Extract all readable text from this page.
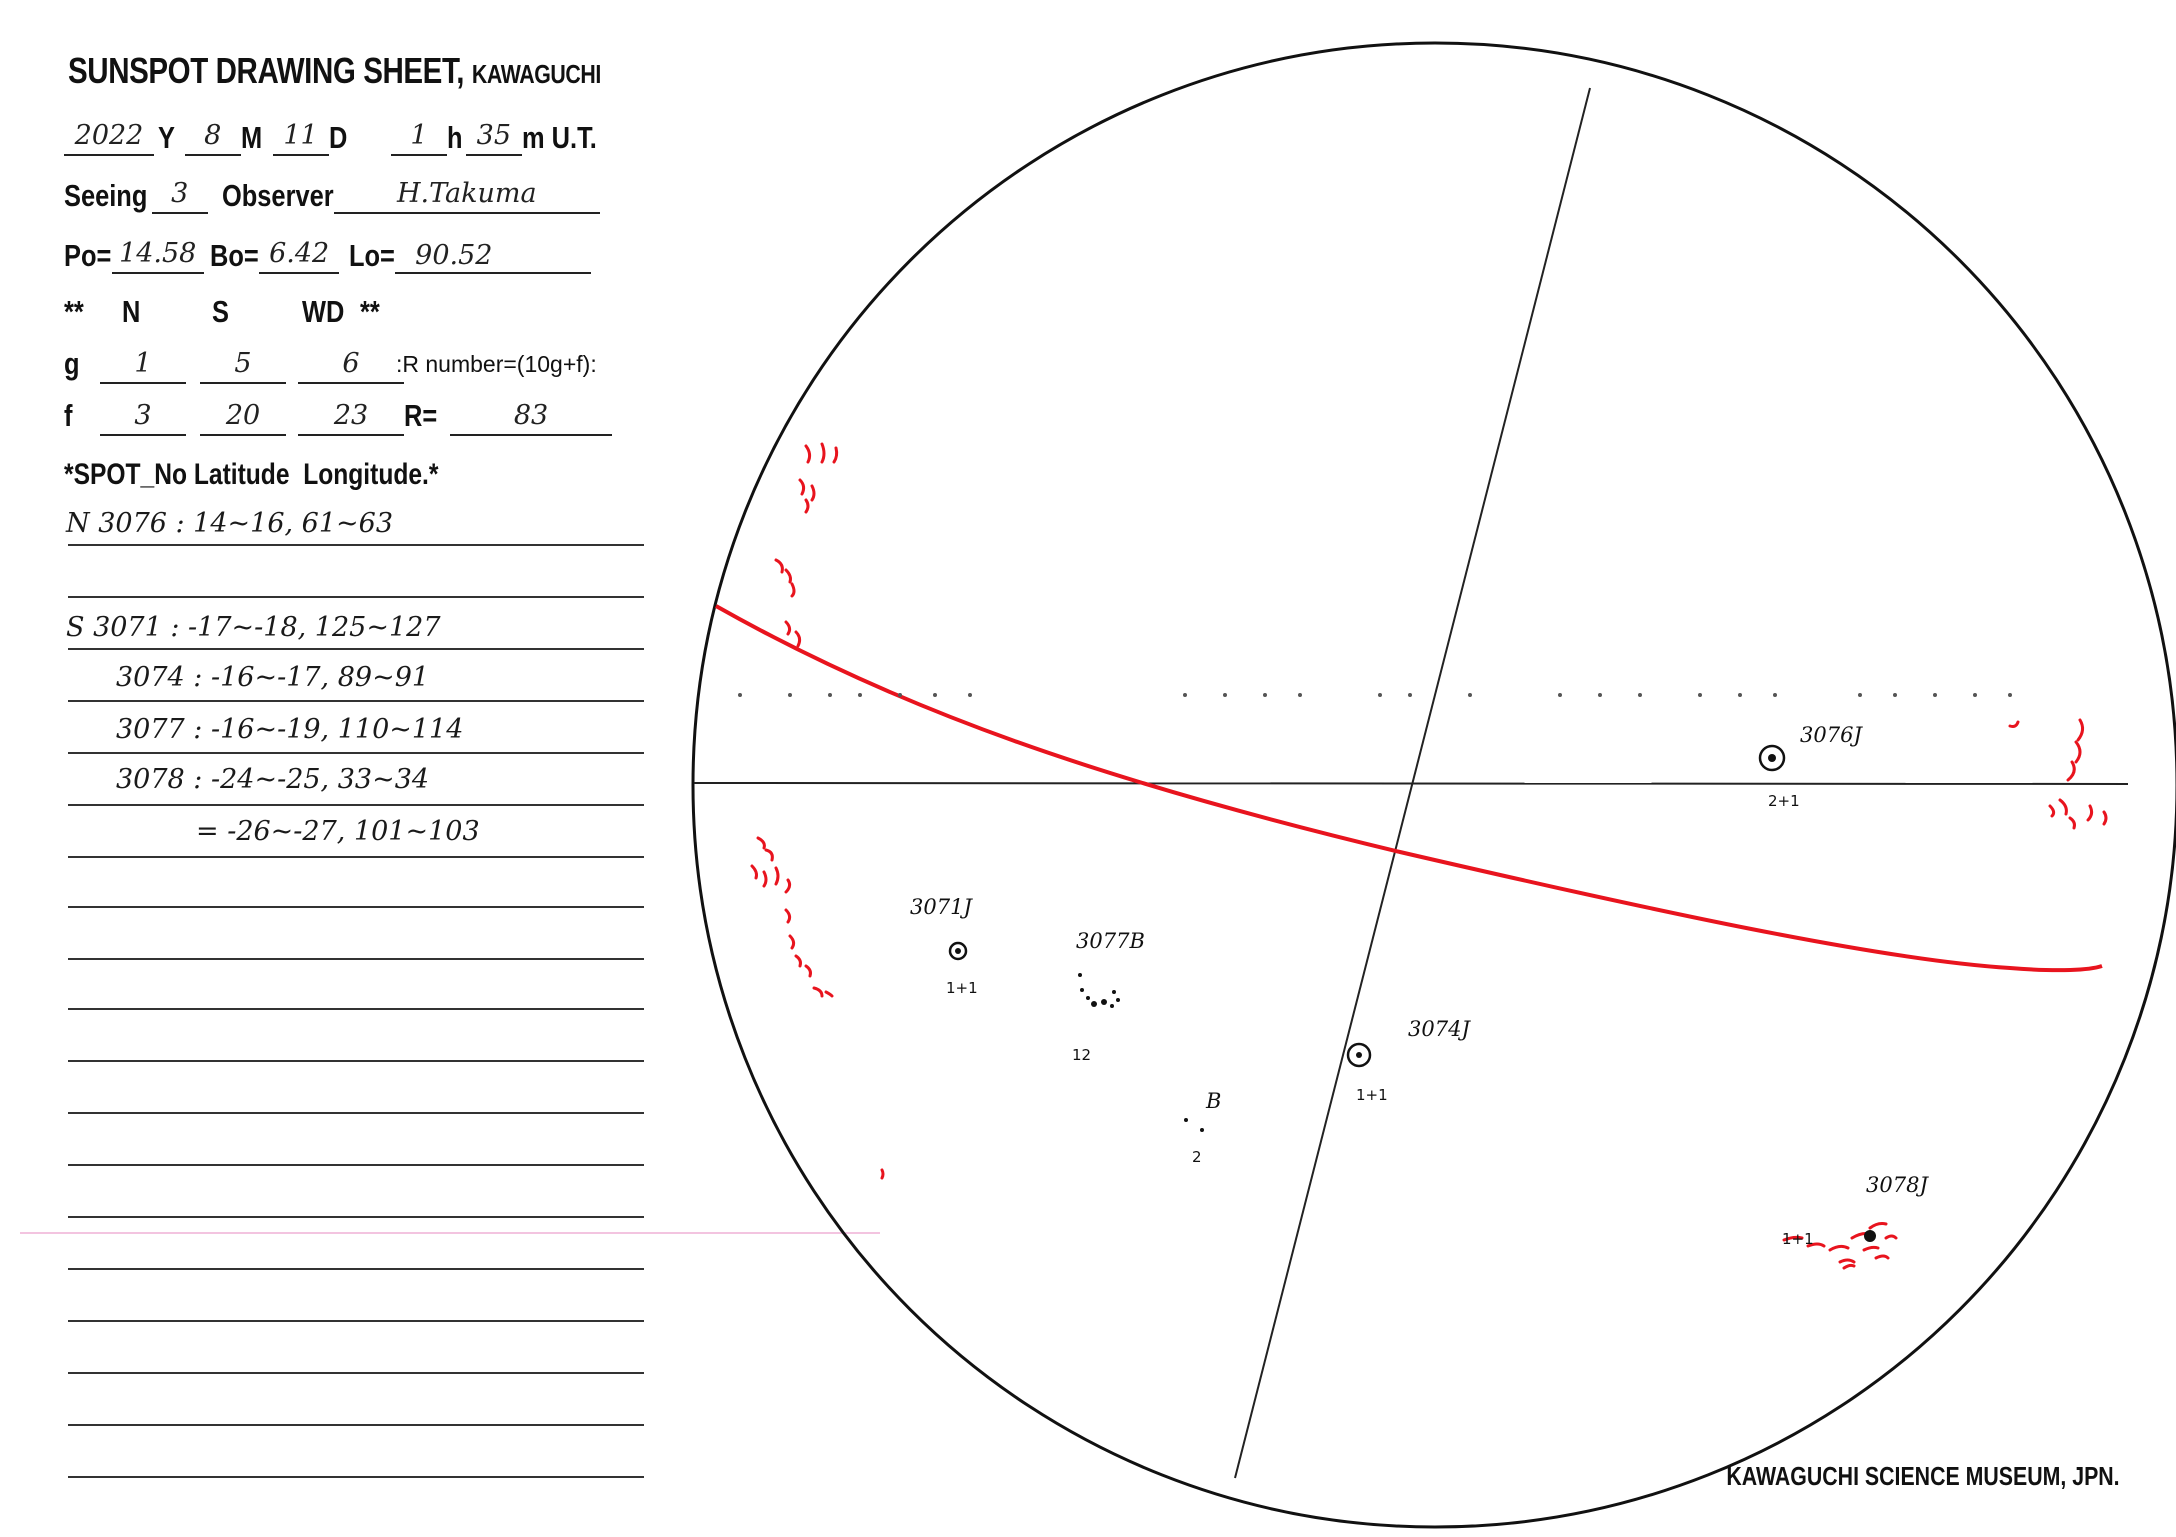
SUNSPOT DRAWING SHEET, KAWAGUCHI
2022 Y	8 M 11 D	1 h 35 m U.T.
Seeing 3	Observer	H.Takuma
Po= 14.58 Bo= 6.42 Lo= 90.52
** N S WD **
g	1	5	6	:R number=(10g+f):
f	3	20	23	R=	83
*SPOT_No Latitude  Longitude.*
N 3076 : 14~16, 61~63
S 3071 : -17~-18, 125~127
3074 : -16~-17, 89~91
3077 : -16~-19, 110~114
3078 : -24~-25, 33~34
= -26~-27, 101~103
3076J
2+1
3071J
1+1
3077B
12
B
2
3074J
1+1
3078J
1+1
KAWAGUCHI SCIENCE MUSEUM, JPN.
